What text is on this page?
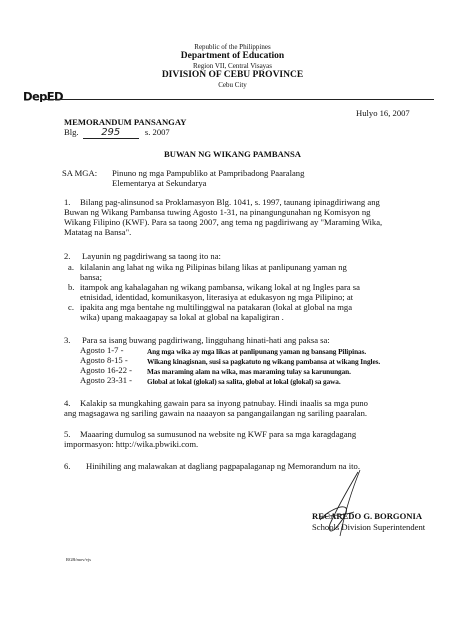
Republic of the Philippines
Department of Education
Region VII, Central Visayas
DIVISION OF CEBU PROVINCE
Cebu City
DepED
Hulyo 16, 2007
MEMORANDUM PANSANGAY
Blg. 295	s. 2007
BUWAN NG WIKANG PAMBANSA
SA MGA: Pinuno ng mga Pampubliko at Pampribadong Paaralang
Elementarya at Sekundarya
1. Bilang pag-alinsunod sa Proklamasyon Blg. 1041, s. 1997, taunang ipinagdiriwang ang
Buwan ng Wikang Pambansa tuwing Agosto 1-31, na pinangungunahan ng Komisyon ng
Wikang Filipino (KWF). Para sa taong 2007, ang tema ng pagdiriwang ay "Maraming Wika,
Matatag na Bansa".
2. Layunin ng pagdiriwang sa taong ito na:
a. kilalanin ang lahat ng wika ng Pilipinas bilang likas at panlipunang yaman ng
bansa;
b. itampok ang kahalagahan ng wikang pambansa, wikang lokal at ng Ingles para sa
etnisidad, identidad, komunikasyon, literasiya at edukasyon ng mga Pilipino; at
c. ipakita ang mga bentahe ng multilinggwal na patakaran (lokal at global na mga
wika) upang makaagapay sa lokal at global na kapaligiran .
3. Para sa isang buwang pagdiriwang, lingguhang hinati-hati ang paksa sa:
Agosto 1-7 -	Ang mga wika ay mga likas at panlipunang yaman ng bansang Pilipinas.
Agosto 8-15 -	Wikang kinagisnan, susi sa pagkatuto ng wikang pambansa at wikang Ingles.
Agosto 16-22 - Mas maraming alam na wika, mas maraming tulay sa karunungan.
Agosto 23-31 - Global at lokal (glokal) sa salita, global at lokal (glokal) sa gawa.
4. Kalakip sa mungkahing gawain para sa inyong patnubay. Hindi inaalis sa mga puno
ang magsagawa ng sariling gawain na naaayon sa pangangailangan ng sariling paaralan.
5. Maaaring dumulog sa sumusunod na website ng KWF para sa mga karagdagang
impormasyon: http://wika.pbwiki.com.
6. Hinihiling ang malawakan at dagliang pagpapalaganap ng Memorandum na ito.
RECAREDO G. BORGONIA
Schools Division Superintendent
RGB/mov/vjs
